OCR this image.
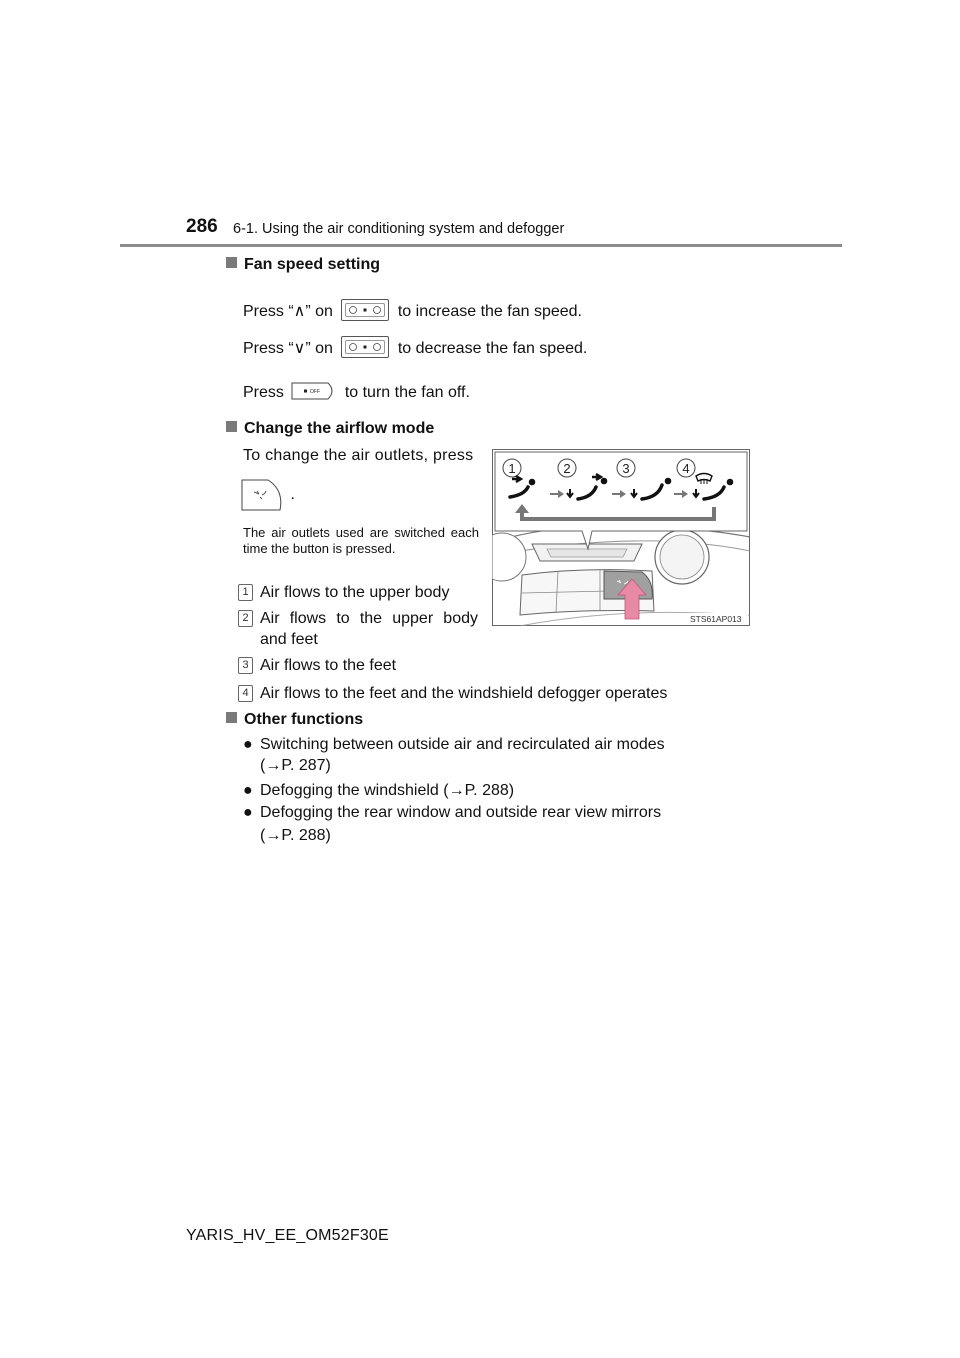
286 6-1. Using the air conditioning system and defogger
Fan speed setting
Press “∧” on	to increase the fan speed.
Press “∨” on	to decrease the fan speed.
Press	OFF to turn the fan off.
Change the airflow mode
To change the air outlets, press
.
The air outlets used are switched each time the button is pressed.
1 Air flows to the upper body
2 Air flows to the upper body
and feet
3 Air flows to the feet
4 Air flows to the feet and the windshield defogger operates
STS61AP013
1	2	3	4
Other functions
● Switching between outside air and recirculated air modes
(→P. 287)
● Defogging the windshield (→P. 288)
● Defogging the rear window and outside rear view mirrors
(→P. 288)
YARIS_HV_EE_OM52F30E
